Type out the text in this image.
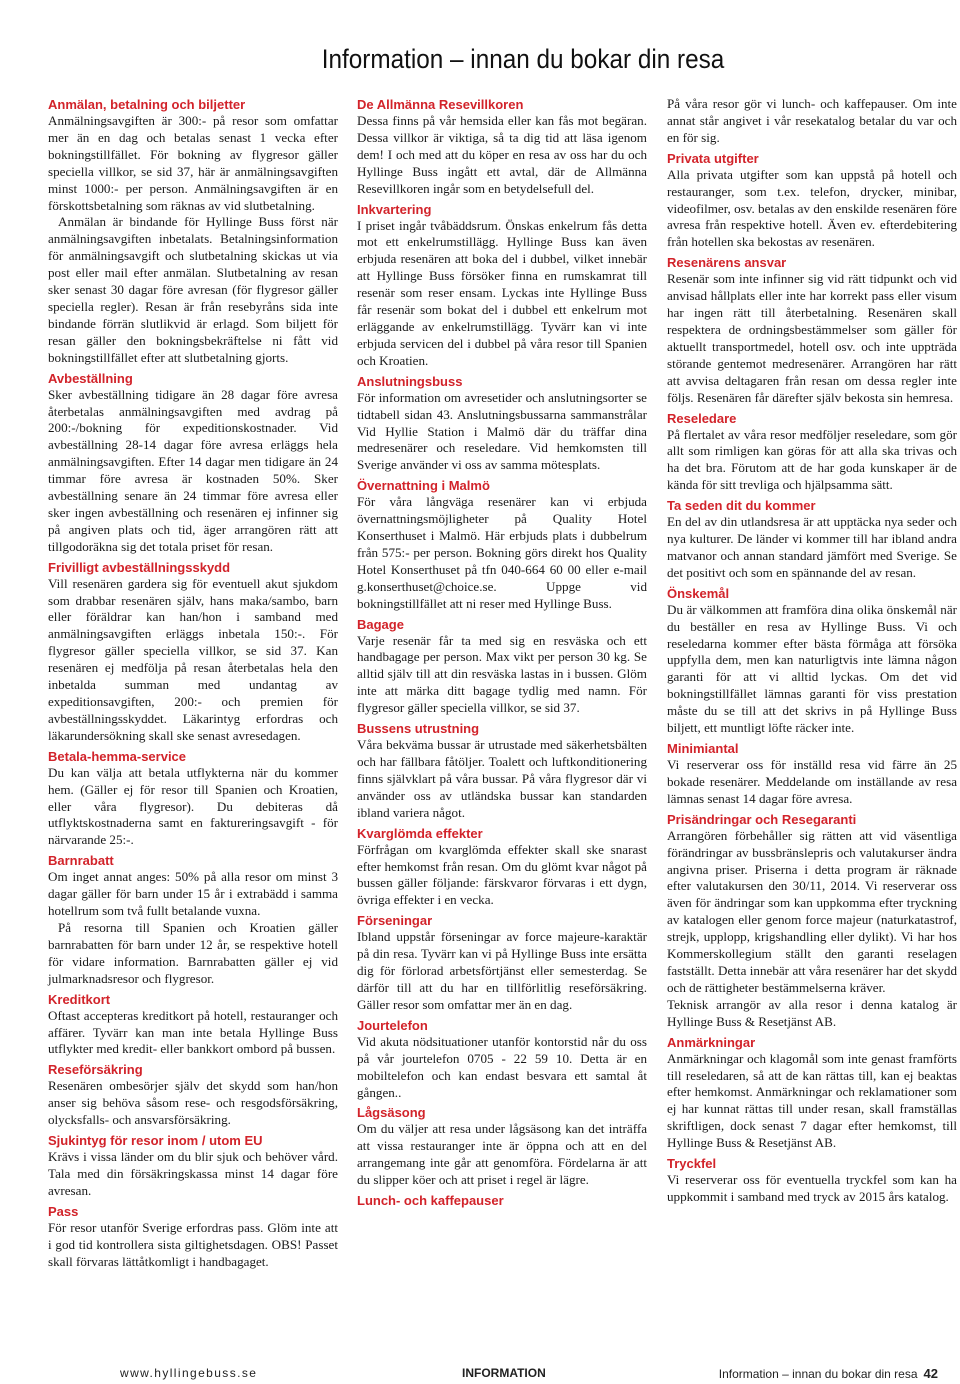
Information – innan du bokar din resa
Anmälan, betalning och biljetter

Anmälningsavgiften är 300:- på resor som omfattar mer än en dag och betalas senast 1 vecka efter bokningstillfället. För bokning av flygresor gäller speciella villkor, se sid 37, här är anmälningsavgiften minst 1000:- per person. Anmälningsavgiften är en förskottsbetalning som räknas av vid slutbetalning.

Anmälan är bindande för Hyllinge Buss först när anmälningsavgiften inbetalats. Betalningsinformation för anmälningsavgift och slutbetalning skickas ut via post eller mail efter anmälan. Slutbetalning av resan sker senast 30 dagar före avresan (för flygresor gäller speciella regler). Resan är från resebyråns sida inte bindande förrän slutlikvid är erlagd. Som biljett för resan gäller den bokningsbekräftelse ni fått vid bokningstillfället efter att slutbetalning gjorts.

Avbeställning

Sker avbeställning tidigare än 28 dagar före avresa återbetalas anmälningsavgiften med avdrag på 200:-/bokning för expeditionskostnader. Vid avbeställning 28-14 dagar före avresa erläggs hela anmälningsavgiften. Efter 14 dagar men tidigare än 24 timmar före avresa är kostnaden 50%. Sker avbeställning senare än 24 timmar före avresa eller sker ingen avbeställning och resenären ej infinner sig på angiven plats och tid, äger arrangören rätt att tillgodoräkna sig det totala priset för resan.

Frivilligt avbeställningsskydd

Vill resenären gardera sig för eventuell akut sjukdom som drabbar resenären själv, hans maka/sambo, barn eller föräldrar kan han/hon i samband med anmälningsavgiften erläggs inbetala 150:-. För flygresor gäller speciella villkor, se sid 37. Kan resenären ej medfölja på resan återbetalas hela den inbetalda summan med undantag av expeditionsavgiften, 200:- och premien för avbeställningsskyddet. Läkarintyg erfordras och läkarundersökning skall ske senast avresedagen.

Betala-hemma-service

Du kan välja att betala utflykterna när du kommer hem. (Gäller ej för resor till Spanien och Kroatien, eller våra flygresor). Du debiteras då utflyktskostnaderna samt en faktureringsavgift - för närvarande 25:-.

Barnrabatt

Om inget annat anges: 50% på alla resor om minst 3 dagar gäller för barn under 15 år i extrabädd i samma hotellrum som två fullt betalande vuxna.

På resorna till Spanien och Kroatien gäller barnrabatten för barn under 12 år, se respektive hotell för vidare information. Barnrabatten gäller ej vid julmarknadsresor och flygresor.

Kreditkort

Oftast accepteras kreditkort på hotell, restauranger och affärer. Tyvärr kan man inte betala Hyllinge Buss utflykter med kredit- eller bankkort ombord på bussen.

Reseförsäkring

Resenären ombesörjer själv det skydd som han/hon anser sig behöva såsom rese- och resgodsförsäkring, olycksfalls- och ansvarsförsäkring.

Sjukintyg för resor inom / utom EU

Krävs i vissa länder om du blir sjuk och behöver vård. Tala med din försäkringskassa minst 14 dagar före avresan.

Pass

För resor utanför Sverige erfordras pass. Glöm inte att i god tid kontrollera sista giltighetsdagen. OBS! Passet skall förvaras lättåtkomligt i handbagaget.

De Allmänna Resevillkoren

Dessa finns på vår hemsida eller kan fås mot begäran. Dessa villkor är viktiga, så ta dig tid att läsa igenom dem! I och med att du köper en resa av oss har du och Hyllinge Buss ingått ett avtal, där de Allmänna Resevillkoren ingår som en betydelsefull del.

Inkvartering

I priset ingår tvåbäddsrum. Önskas enkelrum fås detta mot ett enkelrumstillägg. Hyllinge Buss kan även erbjuda resenären att boka del i dubbel, vilket innebär att Hyllinge Buss försöker finna en rumskamrat till resenär som reser ensam. Lyckas inte Hyllinge Buss får resenär som bokat del i dubbel ett enkelrum mot erläggande av enkelrumstillägg. Tyvärr kan vi inte erbjuda servicen del i dubbel på våra resor till Spanien och Kroatien.

Anslutningsbuss

För information om avresetider och anslutningsorter se tidtabell sidan 43. Anslutningsbussarna sammanstrålar Vid Hyllie Station i Malmö där du träffar dina medresenärer och reseledare. Vid hemkomsten till Sverige använder vi oss av samma mötesplats.

Övernattning i Malmö

För våra långväga resenärer kan vi erbjuda övernattningsmöjligheter på Quality Hotel Konserthuset i Malmö. Här erbjuds plats i dubbelrum från 575:- per person. Bokning görs direkt hos Quality Hotel Konserthuset på tfn 040-664 60 00 eller e-mail g.konserthuset@choice.se. Uppge vid bokningstillfället att ni reser med Hyllinge Buss.

Bagage

Varje resenär får ta med sig en resväska och ett handbagage per person. Max vikt per person 30 kg. Se alltid själv till att din resväska lastas in i bussen. Glöm inte att märka ditt bagage tydlig med namn. För flygresor gäller speciella villkor, se sid 37.

Bussens utrustning

Våra bekväma bussar är utrustade med säkerhetsbälten och har fällbara fåtöljer. Toalett och luftkonditionering finns självklart på våra bussar. På våra flygresor där vi använder oss av utländska bussar kan standarden ibland variera något.

Kvarglömda effekter

Förfrågan om kvarglömda effekter skall ske snarast efter hemkomst från resan. Om du glömt kvar något på bussen gäller följande: färskvaror förvaras i ett dygn, övriga effekter i en vecka.

Förseningar

Ibland uppstår förseningar av force majeure-karaktär på din resa. Tyvärr kan vi på Hyllinge Buss inte ersätta dig för förlorad arbetsförtjänst eller semesterdag. Se därför till att du har en tillförlitlig reseförsäkring. Gäller resor som omfattar mer än en dag.

Jourtelefon

Vid akuta nödsituationer utanför kontorstid når du oss på vår jourtelefon 0705 - 22 59 10. Detta är en mobiltelefon och kan endast besvara ett samtal åt gången..

Lågsäsong

Om du väljer att resa under lågsäsong kan det inträffa att vissa restauranger inte är öppna och att en del arrangemang inte går att genomföra. Fördelarna är att du slipper köer och att priset i regel är lägre.

Lunch- och kaffepauser

På våra resor gör vi lunch- och kaffepauser. Om inte annat står angivet i vår resekatalog betalar du var och en för sig.

Privata utgifter

Alla privata utgifter som kan uppstå på hotell och restauranger, som t.ex. telefon, drycker, minibar, videofilmer, osv. betalas av den enskilde resenären före avresa från respektive hotell. Även ev. efterdebitering från hotellen ska bekostas av resenären.

Resenärens ansvar

Resenär som inte infinner sig vid rätt tidpunkt och vid anvisad hållplats eller inte har korrekt pass eller visum har ingen rätt till återbetalning. Resenären skall respektera de ordningsbestämmelser som gäller för aktuellt transportmedel, hotell osv. och inte uppträda störande gentemot medresenärer. Arrangören har rätt att avvisa deltagaren från resan om dessa regler inte följs. Resenären får därefter själv bekosta sin hemresa.

Reseledare

På flertalet av våra resor medföljer reseledare, som gör allt som rimligen kan göras för att alla ska trivas och ha det bra. Förutom att de har goda kunskaper är de kända för sitt trevliga och hjälpsamma sätt.

Ta seden dit du kommer

En del av din utlandsresa är att upptäcka nya seder och nya kulturer. De länder vi kommer till har ibland andra matvanor och annan standard jämfört med Sverige. Se det positivt och som en spännande del av resan.

Önskemål

Du är välkommen att framföra dina olika önskemål när du beställer en resa av Hyllinge Buss. Vi och reseledarna kommer efter bästa förmåga att försöka uppfylla dem, men kan naturligtvis inte lämna någon garanti för att vi alltid lyckas. Om det vid bokningstillfället lämnas garanti för viss prestation måste du se till att det skrivs in på Hyllinge Buss biljett, ett muntligt löfte räcker inte.

Minimiantal

Vi reserverar oss för inställd resa vid färre än 25 bokade resenärer. Meddelande om inställande av resa lämnas senast 14 dagar före avresa.

Prisändringar och Resegaranti

Arrangören förbehåller sig rätten att vid väsentliga förändringar av bussbränslepris och valutakurser ändra angivna priser. Priserna i detta program är räknade efter valutakursen den 30/11, 2014. Vi reserverar oss även för ändringar som kan uppkomma efter tryckning av katalogen eller genom force majeur (naturkatastrof, strejk, upplopp, krigshandling eller dylikt). Vi har hos Kommerskollegium ställt den garanti reselagen fastställt. Detta innebär att våra resenärer har det skydd och de rättigheter bestämmelserna kräver.

Teknisk arrangör av alla resor i denna katalog är Hyllinge Buss & Resetjänst AB.

Anmärkningar

Anmärkningar och klagomål som inte genast framförts till reseledaren, så att de kan rättas till, kan ej beaktas efter hemkomst. Anmärkningar och reklamationer som ej har kunnat rättas till under resan, skall framställas skriftligen, dock senast 7 dagar efter hemkomst, till Hyllinge Buss & Resetjänst AB.

Tryckfel

Vi reserverar oss för eventuella tryckfel som kan ha uppkommit i samband med tryck av 2015 års katalog.

www.hyllingebuss.se	INFORMATION	Information – innan du bokar din resa 42
